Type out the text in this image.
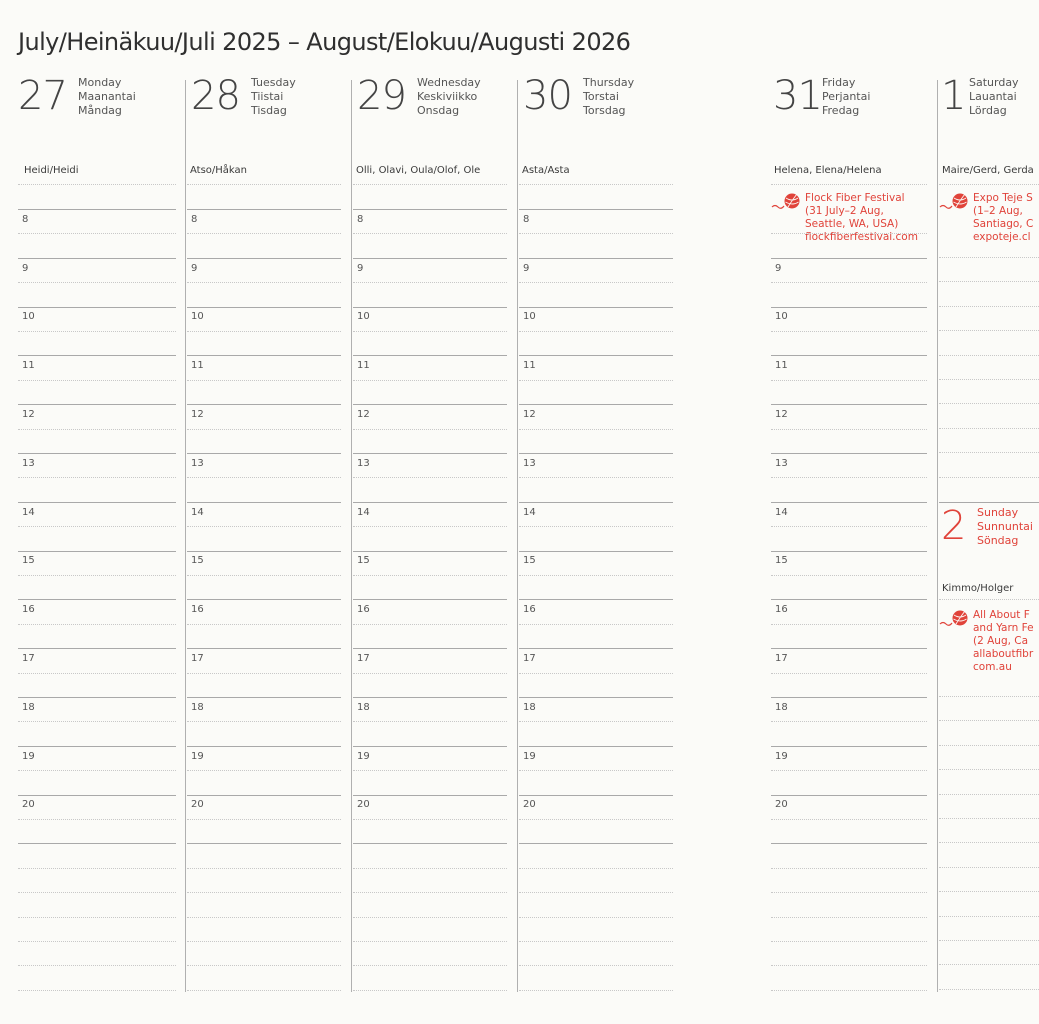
July/Heinäkuu/Juli 2025 – August/Elokuu/Augusti 2026
27 Monday
Maanantai
Måndag
Heidi/Heidi
8
9
10
11
12
13
14
15
16
17
18
19
20
28 Tuesday
Tiistai
Tisdag
Atso/Håkan
8
9
10
11
12
13
14
15
16
17
18
19
20
29 Wednesday
Keskiviikko
Onsdag
Olli, Olavi, Oula/Olof, Ole
8
9
10
11
12
13
14
15
16
17
18
19
20
30 Thursday
Torstai
Torsdag
Asta/Asta
8
9
10
11
12
13
14
15
16
17
18
19
20
31 Friday
Perjantai
Fredag
Helena, Elena/Helena
Flock Fiber Festival
(31 July–2 Aug,
Seattle, WA, USA)
flockfiberfestival.com
9
10
11
12
13
14
15
16
17
18
19
20
1 Saturday
Lauantai
Lördag
Maire/Gerd, Gerda
Expo Teje S
(1–2 Aug,
Santiago, C
expoteje.cl
2 Sunday
Sunnuntai
Söndag
Kimmo/Holger
All About F
and Yarn Fe
(2 Aug, Ca
allaboutfibr
com.au
